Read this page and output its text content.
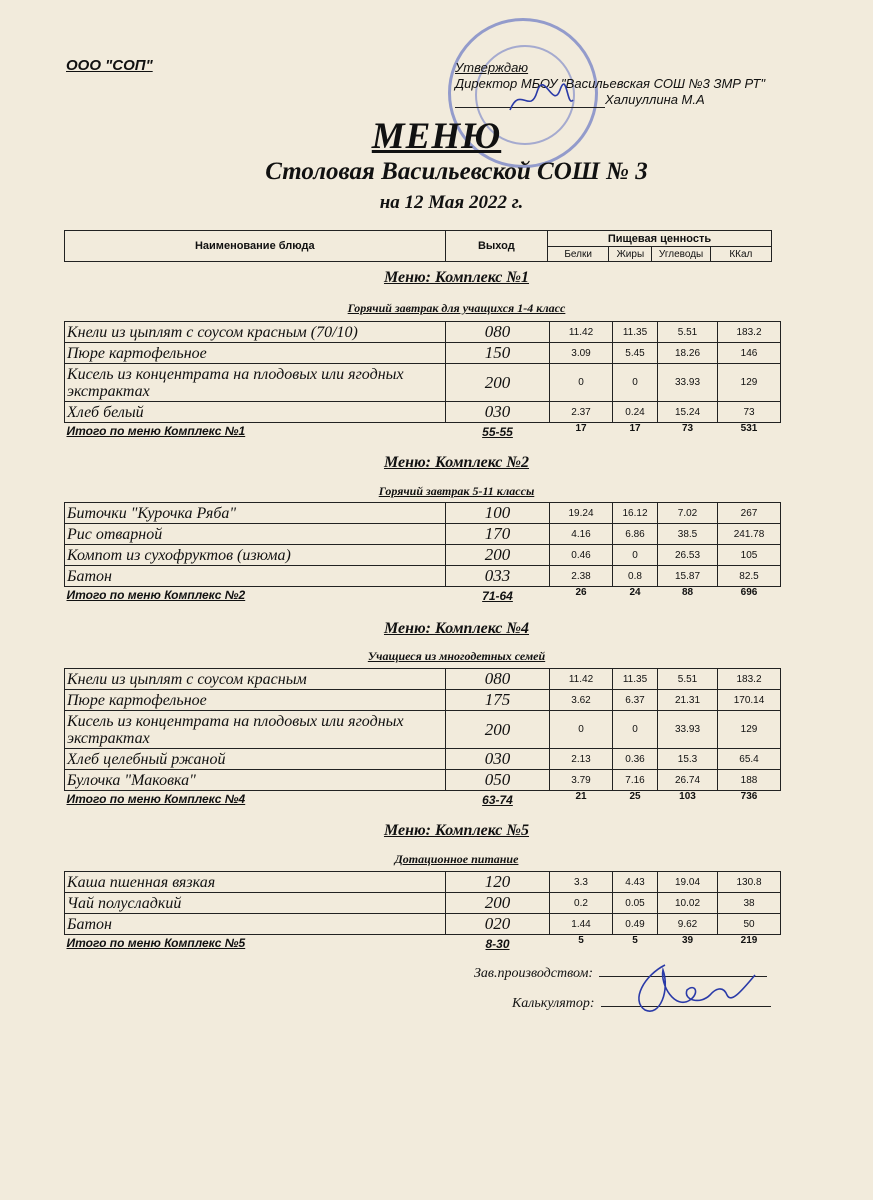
ООО "СОП"	Утверждаю
Директор МБОУ "Васильевская СОШ №3 ЗМР РТ"
Халиуллина М.А
МЕНЮ
Столовая Васильевской СОШ № 3
на 12 Мая 2022 г.
Наименование блюда	Выход	Пищевая ценность			
		Белки	Жиры	Углеводы	ККал
Меню: Комплекс №1
Горячий завтрак для учащихся 1-4 класс
Кнели из цыплят с соусом красным (70/10)	080	11.42	11.35	5.51	183.2
Пюре картофельное	150	3.09	5.45	18.26	146
Кисель из концентрата на плодовых или ягодных экстрактах	200	0	0	33.93	129
Хлеб белый	030	2.37	0.24	15.24	73
Итого по меню Комплекс №1	55-55	17	17	73	531
Меню: Комплекс №2
Горячий завтрак 5-11 классы
Биточки "Курочка Ряба"	100	19.24	16.12	7.02	267
Рис отварной	170	4.16	6.86	38.5	241.78
Компот из сухофруктов (изюма)	200	0.46	0	26.53	105
Батон	033	2.38	0.8	15.87	82.5
Итого по меню Комплекс №2	71-64	26	24	88	696
Меню: Комплекс №4
Учащиеся из многодетных семей
Кнели из цыплят с соусом красным	080	11.42	11.35	5.51	183.2
Пюре картофельное	175	3.62	6.37	21.31	170.14
Кисель из концентрата на плодовых или ягодных экстрактах	200	0	0	33.93	129
Хлеб целебный ржаной	030	2.13	0.36	15.3	65.4
Булочка "Маковка"	050	3.79	7.16	26.74	188
Итого по меню Комплекс №4	63-74	21	25	103	736
Меню: Комплекс №5
Дотационное питание
Каша пшенная вязкая	120	3.3	4.43	19.04	130.8
Чай полусладкий	200	0.2	0.05	10.02	38
Батон	020	1.44	0.49	9.62	50
Итого по меню Комплекс №5	8-30	5	5	39	219
Зав.производством:
Калькулятор:
